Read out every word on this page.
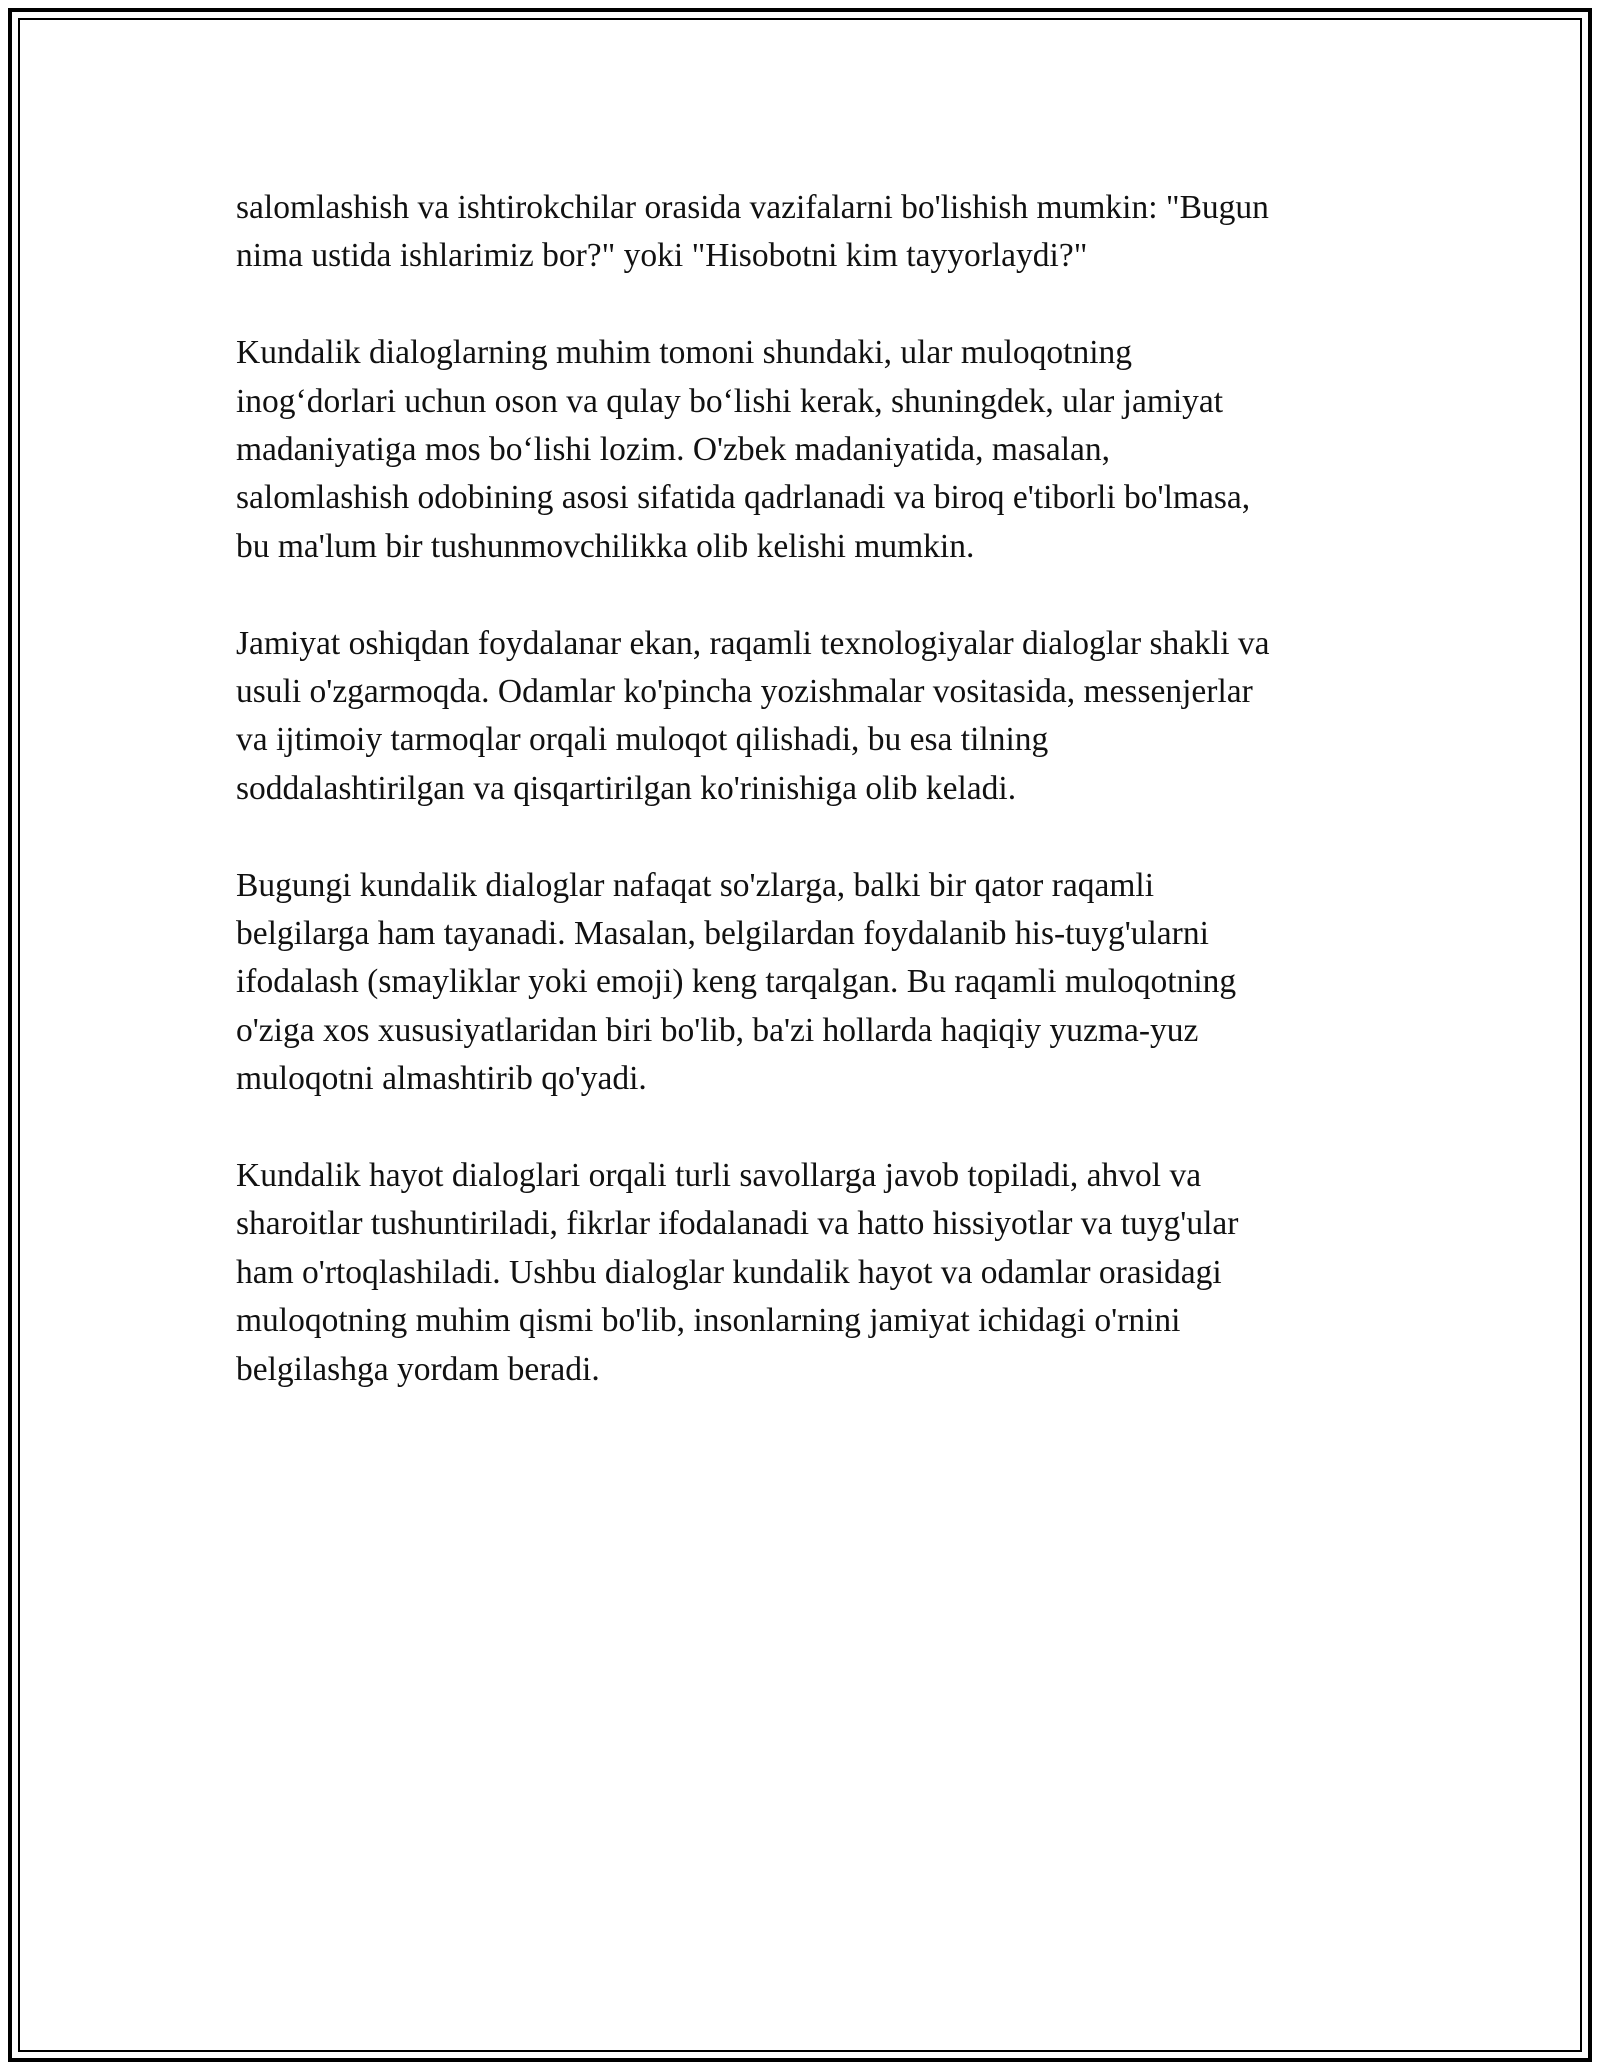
salomlashish va ishtirokchilar orasida vazifalarni bo'lishish mumkin: "Bugun
nima ustida ishlarimiz bor?" yoki "Hisobotni kim tayyorlaydi?"

Kundalik dialoglarning muhim tomoni shundaki, ular muloqotning
inog‘dorlari uchun oson va qulay bo‘lishi kerak, shuningdek, ular jamiyat
madaniyatiga mos bo‘lishi lozim. O'zbek madaniyatida, masalan,
salomlashish odobining asosi sifatida qadrlanadi va biroq e'tiborli bo'lmasa,
bu ma'lum bir tushunmovchilikka olib kelishi mumkin.

Jamiyat oshiqdan foydalanar ekan, raqamli texnologiyalar dialoglar shakli va
usuli o'zgarmoqda. Odamlar ko'pincha yozishmalar vositasida, messenjerlar
va ijtimoiy tarmoqlar orqali muloqot qilishadi, bu esa tilning
soddalashtirilgan va qisqartirilgan ko'rinishiga olib keladi.

Bugungi kundalik dialoglar nafaqat so'zlarga, balki bir qator raqamli
belgilarga ham tayanadi. Masalan, belgilardan foydalanib his-tuyg'ularni
ifodalash (smayliklar yoki emoji) keng tarqalgan. Bu raqamli muloqotning
o'ziga xos xususiyatlaridan biri bo'lib, ba'zi hollarda haqiqiy yuzma-yuz
muloqotni almashtirib qo'yadi.

Kundalik hayot dialoglari orqali turli savollarga javob topiladi, ahvol va
sharoitlar tushuntiriladi, fikrlar ifodalanadi va hatto hissiyotlar va tuyg'ular
ham o'rtoqlashiladi. Ushbu dialoglar kundalik hayot va odamlar orasidagi
muloqotning muhim qismi bo'lib, insonlarning jamiyat ichidagi o'rnini
belgilashga yordam beradi.
